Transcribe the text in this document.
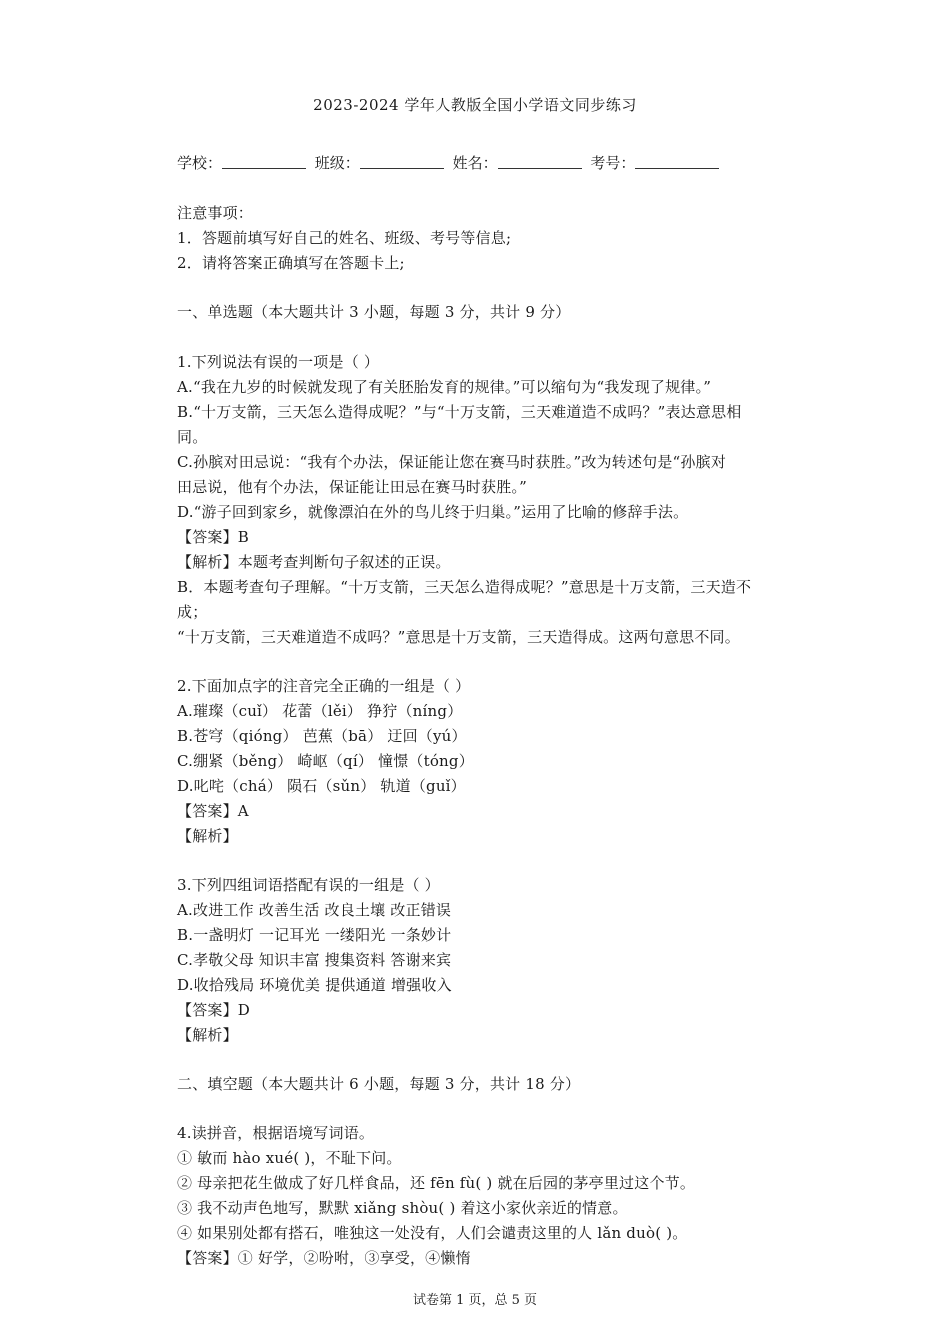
2023-2024 学年人教版全国小学语文同步练习
学校：	班级：	姓名：	考号：
注意事项：
1．答题前填写好自己的姓名、班级、考号等信息;
2．请将答案正确填写在答题卡上;
一、单选题（本大题共计 3 小题，每题 3 分，共计 9 分）
1.下列说法有误的一项是（ ）
A.“我在九岁的时候就发现了有关胚胎发育的规律。”可以缩句为“我发现了规律。”
B.“十万支箭，三天怎么造得成呢？”与“十万支箭，三天难道造不成吗？”表达意思相
同。
C.孙膑对田忌说：“我有个办法，保证能让您在赛马时获胜。”改为转述句是“孙膑对
田忌说，他有个办法，保证能让田忌在赛马时获胜。”
D.“游子回到家乡，就像漂泊在外的鸟儿终于归巢。”运用了比喻的修辞手法。
【答案】B
【解析】本题考查判断句子叙述的正误。
B．本题考查句子理解。“十万支箭，三天怎么造得成呢？”意思是十万支箭，三天造不
成；
“十万支箭，三天难道造不成吗？”意思是十万支箭，三天造得成。这两句意思不同。
2.下面加点字的注音完全正确的一组是（ ）
A.璀璨（cuǐ） 花蕾（lěi） 狰狞（níng）
B.苍穹（qióng） 芭蕉（bā） 迂回（yú）
C.绷紧（běng） 崎岖（qí） 憧憬（tóng）
D.叱咤（chá） 陨石（sǔn） 轨道（guǐ）
【答案】A
【解析】
3.下列四组词语搭配有误的一组是（ ）
A.改进工作 改善生活 改良土壤 改正错误
B.一盏明灯 一记耳光 一缕阳光 一条妙计
C.孝敬父母 知识丰富 搜集资料 答谢来宾
D.收拾残局 环境优美 提供通道 增强收入
【答案】D
【解析】
二、填空题（本大题共计 6 小题，每题 3 分，共计 18 分）
4.读拼音，根据语境写词语。
① 敏而 hào xué( )，不耻下问。
② 母亲把花生做成了好几样食品，还 fēn fù( ) 就在后园的茅亭里过这个节。
③ 我不动声色地写，默默 xiǎng shòu( ) 着这小家伙亲近的情意。
④ 如果别处都有搭石，唯独这一处没有，人们会谴责这里的人 lǎn duò( )。
【答案】① 好学，②吩咐，③享受，④懒惰
试卷第 1 页，总 5 页
